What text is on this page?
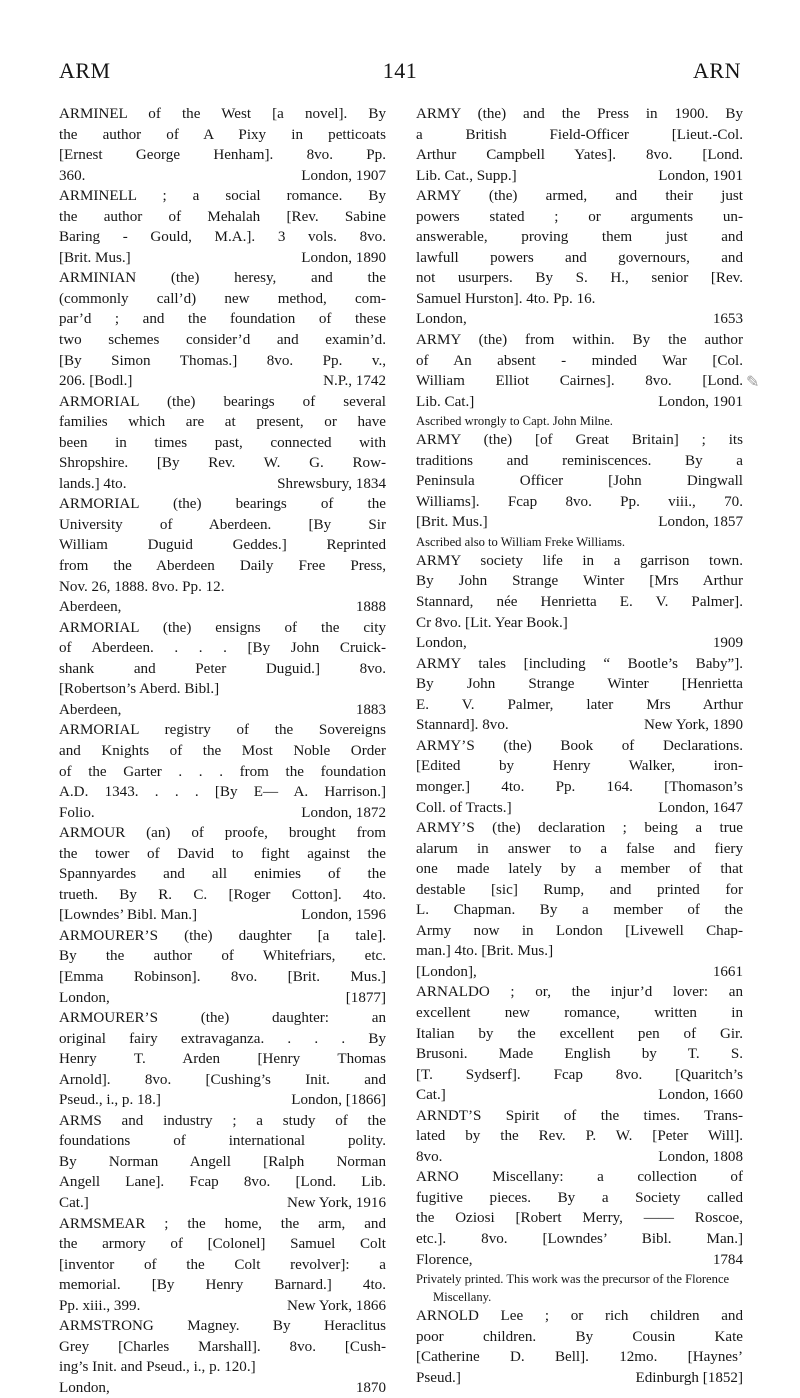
ARM	141	ARN
ARMINEL of the West [a novel]. By
the author of A Pixy in petticoats
[Ernest George Henham]. 8vo. Pp.
360.	London, 1907
ARMINELL ; a social romance. By
the author of Mehalah [Rev. Sabine
Baring - Gould, M.A.]. 3 vols. 8vo.
[Brit. Mus.]	London, 1890
ARMINIAN (the) heresy, and the
(commonly call’d) new method, com-
par’d ; and the foundation of these
two schemes consider’d and examin’d.
[By Simon Thomas.] 8vo. Pp. v.,
206. [Bodl.]	N.P., 1742
ARMORIAL (the) bearings of several
families which are at present, or have
been in times past, connected with
Shropshire. [By Rev. W. G. Row-
lands.] 4to.	Shrewsbury, 1834
ARMORIAL (the) bearings of the
University of Aberdeen. [By Sir
William Duguid Geddes.] Reprinted
from the Aberdeen Daily Free Press,
Nov. 26, 1888. 8vo. Pp. 12.
Aberdeen,	1888
ARMORIAL (the) ensigns of the city
of Aberdeen. . . . [By John Cruick-
shank and Peter Duguid.] 8vo.
[Robertson’s Aberd. Bibl.]
Aberdeen,	1883
ARMORIAL registry of the Sovereigns
and Knights of the Most Noble Order
of the Garter . . . from the foundation
A.D. 1343. . . . [By E— A. Harrison.]
Folio.	London, 1872
ARMOUR (an) of proofe, brought from
the tower of David to fight against the
Spannyardes and all enimies of the
trueth. By R. C. [Roger Cotton]. 4to.
[Lowndes’ Bibl. Man.]	London, 1596
ARMOURER’S (the) daughter [a tale].
By the author of Whitefriars, etc.
[Emma Robinson]. 8vo. [Brit. Mus.]
London,	[1877]
ARMOURER’S (the) daughter: an
original fairy extravaganza. . . . By
Henry T. Arden [Henry Thomas
Arnold]. 8vo. [Cushing’s Init. and
Pseud., i., p. 18.]	London, [1866]
ARMS and industry ; a study of the
foundations of international polity.
By Norman Angell [Ralph Norman
Angell Lane]. Fcap 8vo. [Lond. Lib.
Cat.]	New York, 1916
ARMSMEAR ; the home, the arm, and
the armory of [Colonel] Samuel Colt
[inventor of the Colt revolver]: a
memorial. [By Henry Barnard.] 4to.
Pp. xiii., 399.	New York, 1866
ARMSTRONG Magney. By Heraclitus
Grey [Charles Marshall]. 8vo. [Cush-
ing’s Init. and Pseud., i., p. 120.]
London,	1870
ARMY (the) and the Press in 1900. By
a British Field-Officer [Lieut.-Col.
Arthur Campbell Yates]. 8vo. [Lond.
Lib. Cat., Supp.]	London, 1901
ARMY (the) armed, and their just
powers stated ; or arguments un-
answerable, proving them just and
lawfull powers and governours, and
not usurpers. By S. H., senior [Rev.
Samuel Hurston]. 4to. Pp. 16.
London,	1653
ARMY (the) from within. By the author
of An absent - minded War [Col.
William Elliot Cairnes]. 8vo. [Lond.
Lib. Cat.]	London, 1901
Ascribed wrongly to Capt. John Milne.
ARMY (the) [of Great Britain] ; its
traditions and reminiscences. By a
Peninsula Officer [John Dingwall
Williams]. Fcap 8vo. Pp. viii., 70.
[Brit. Mus.]	London, 1857
Ascribed also to William Freke Williams.
ARMY society life in a garrison town.
By John Strange Winter [Mrs Arthur
Stannard, née Henrietta E. V. Palmer].
Cr 8vo. [Lit. Year Book.]
London,	1909
ARMY tales [including “ Bootle’s Baby”].
By John Strange Winter [Henrietta
E. V. Palmer, later Mrs Arthur
Stannard]. 8vo.	New York, 1890
ARMY’S (the) Book of Declarations.
[Edited by Henry Walker, iron-
monger.] 4to. Pp. 164. [Thomason’s
Coll. of Tracts.]	London, 1647
ARMY’S (the) declaration ; being a true
alarum in answer to a false and fiery
one made lately by a member of that
destable [sic] Rump, and printed for
L. Chapman. By a member of the
Army now in London [Livewell Chap-
man.] 4to. [Brit. Mus.]
[London],	1661
ARNALDO ; or, the injur’d lover: an
excellent new romance, written in
Italian by the excellent pen of Gir.
Brusoni. Made English by T. S.
[T. Sydserf]. Fcap 8vo. [Quaritch’s
Cat.]	London, 1660
ARNDT’S Spirit of the times. Trans-
lated by the Rev. P. W. [Peter Will].
8vo.	London, 1808
ARNO Miscellany: a collection of
fugitive pieces. By a Society called
the Oziosi [Robert Merry, —— Roscoe,
etc.]. 8vo. [Lowndes’ Bibl. Man.]
Florence,	1784
Privately printed. This work was the precursor of the Florence Miscellany.
ARNOLD Lee ; or rich children and
poor children. By Cousin Kate
[Catherine D. Bell]. 12mo. [Haynes’
Pseud.]	Edinburgh [1852]
✎
